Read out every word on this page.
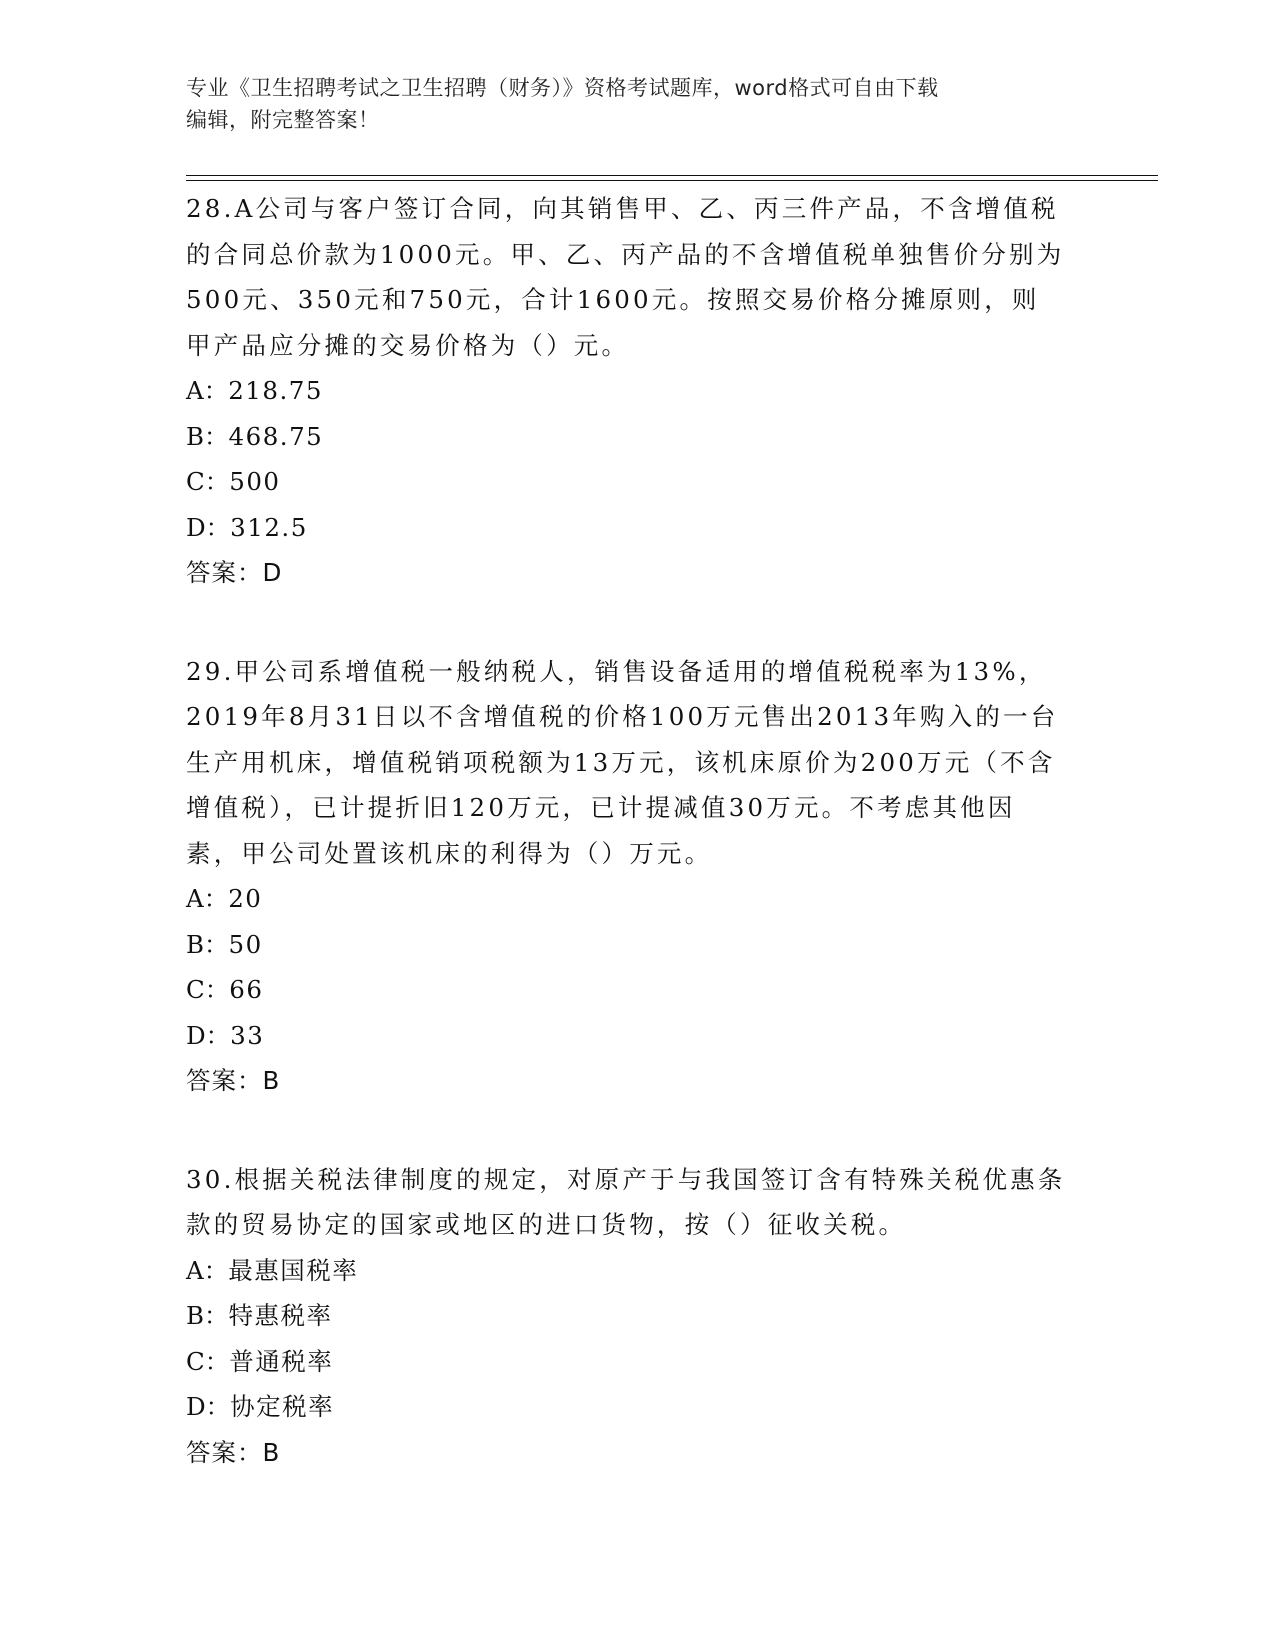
专业《卫生招聘考试之卫生招聘（财务）》资格考试题库，word格式可自由下载
编辑，附完整答案！

28.A公司与客户签订合同，向其销售甲、乙、丙三件产品，不含增值税的合同总价款为1000元。甲、乙、丙产品的不含增值税单独售价分别为500元、350元和750元，合计1600元。按照交易价格分摊原则，则甲产品应分摊的交易价格为（）元。

A：218.75
B：468.75
C：500
D：312.5

答案：D

29.甲公司系增值税一般纳税人，销售设备适用的增值税税率为13%，2019年8月31日以不含增值税的价格100万元售出2013年购入的一台生产用机床，增值税销项税额为13万元，该机床原价为200万元（不含增值税），已计提折旧120万元，已计提减值30万元。不考虑其他因素，甲公司处置该机床的利得为（）万元。

A：20
B：50
C：66
D：33

答案：B

30.根据关税法律制度的规定，对原产于与我国签订含有特殊关税优惠条款的贸易协定的国家或地区的进口货物，按（）征收关税。

A：最惠国税率
B：特惠税率
C：普通税率
D：协定税率

答案：B
